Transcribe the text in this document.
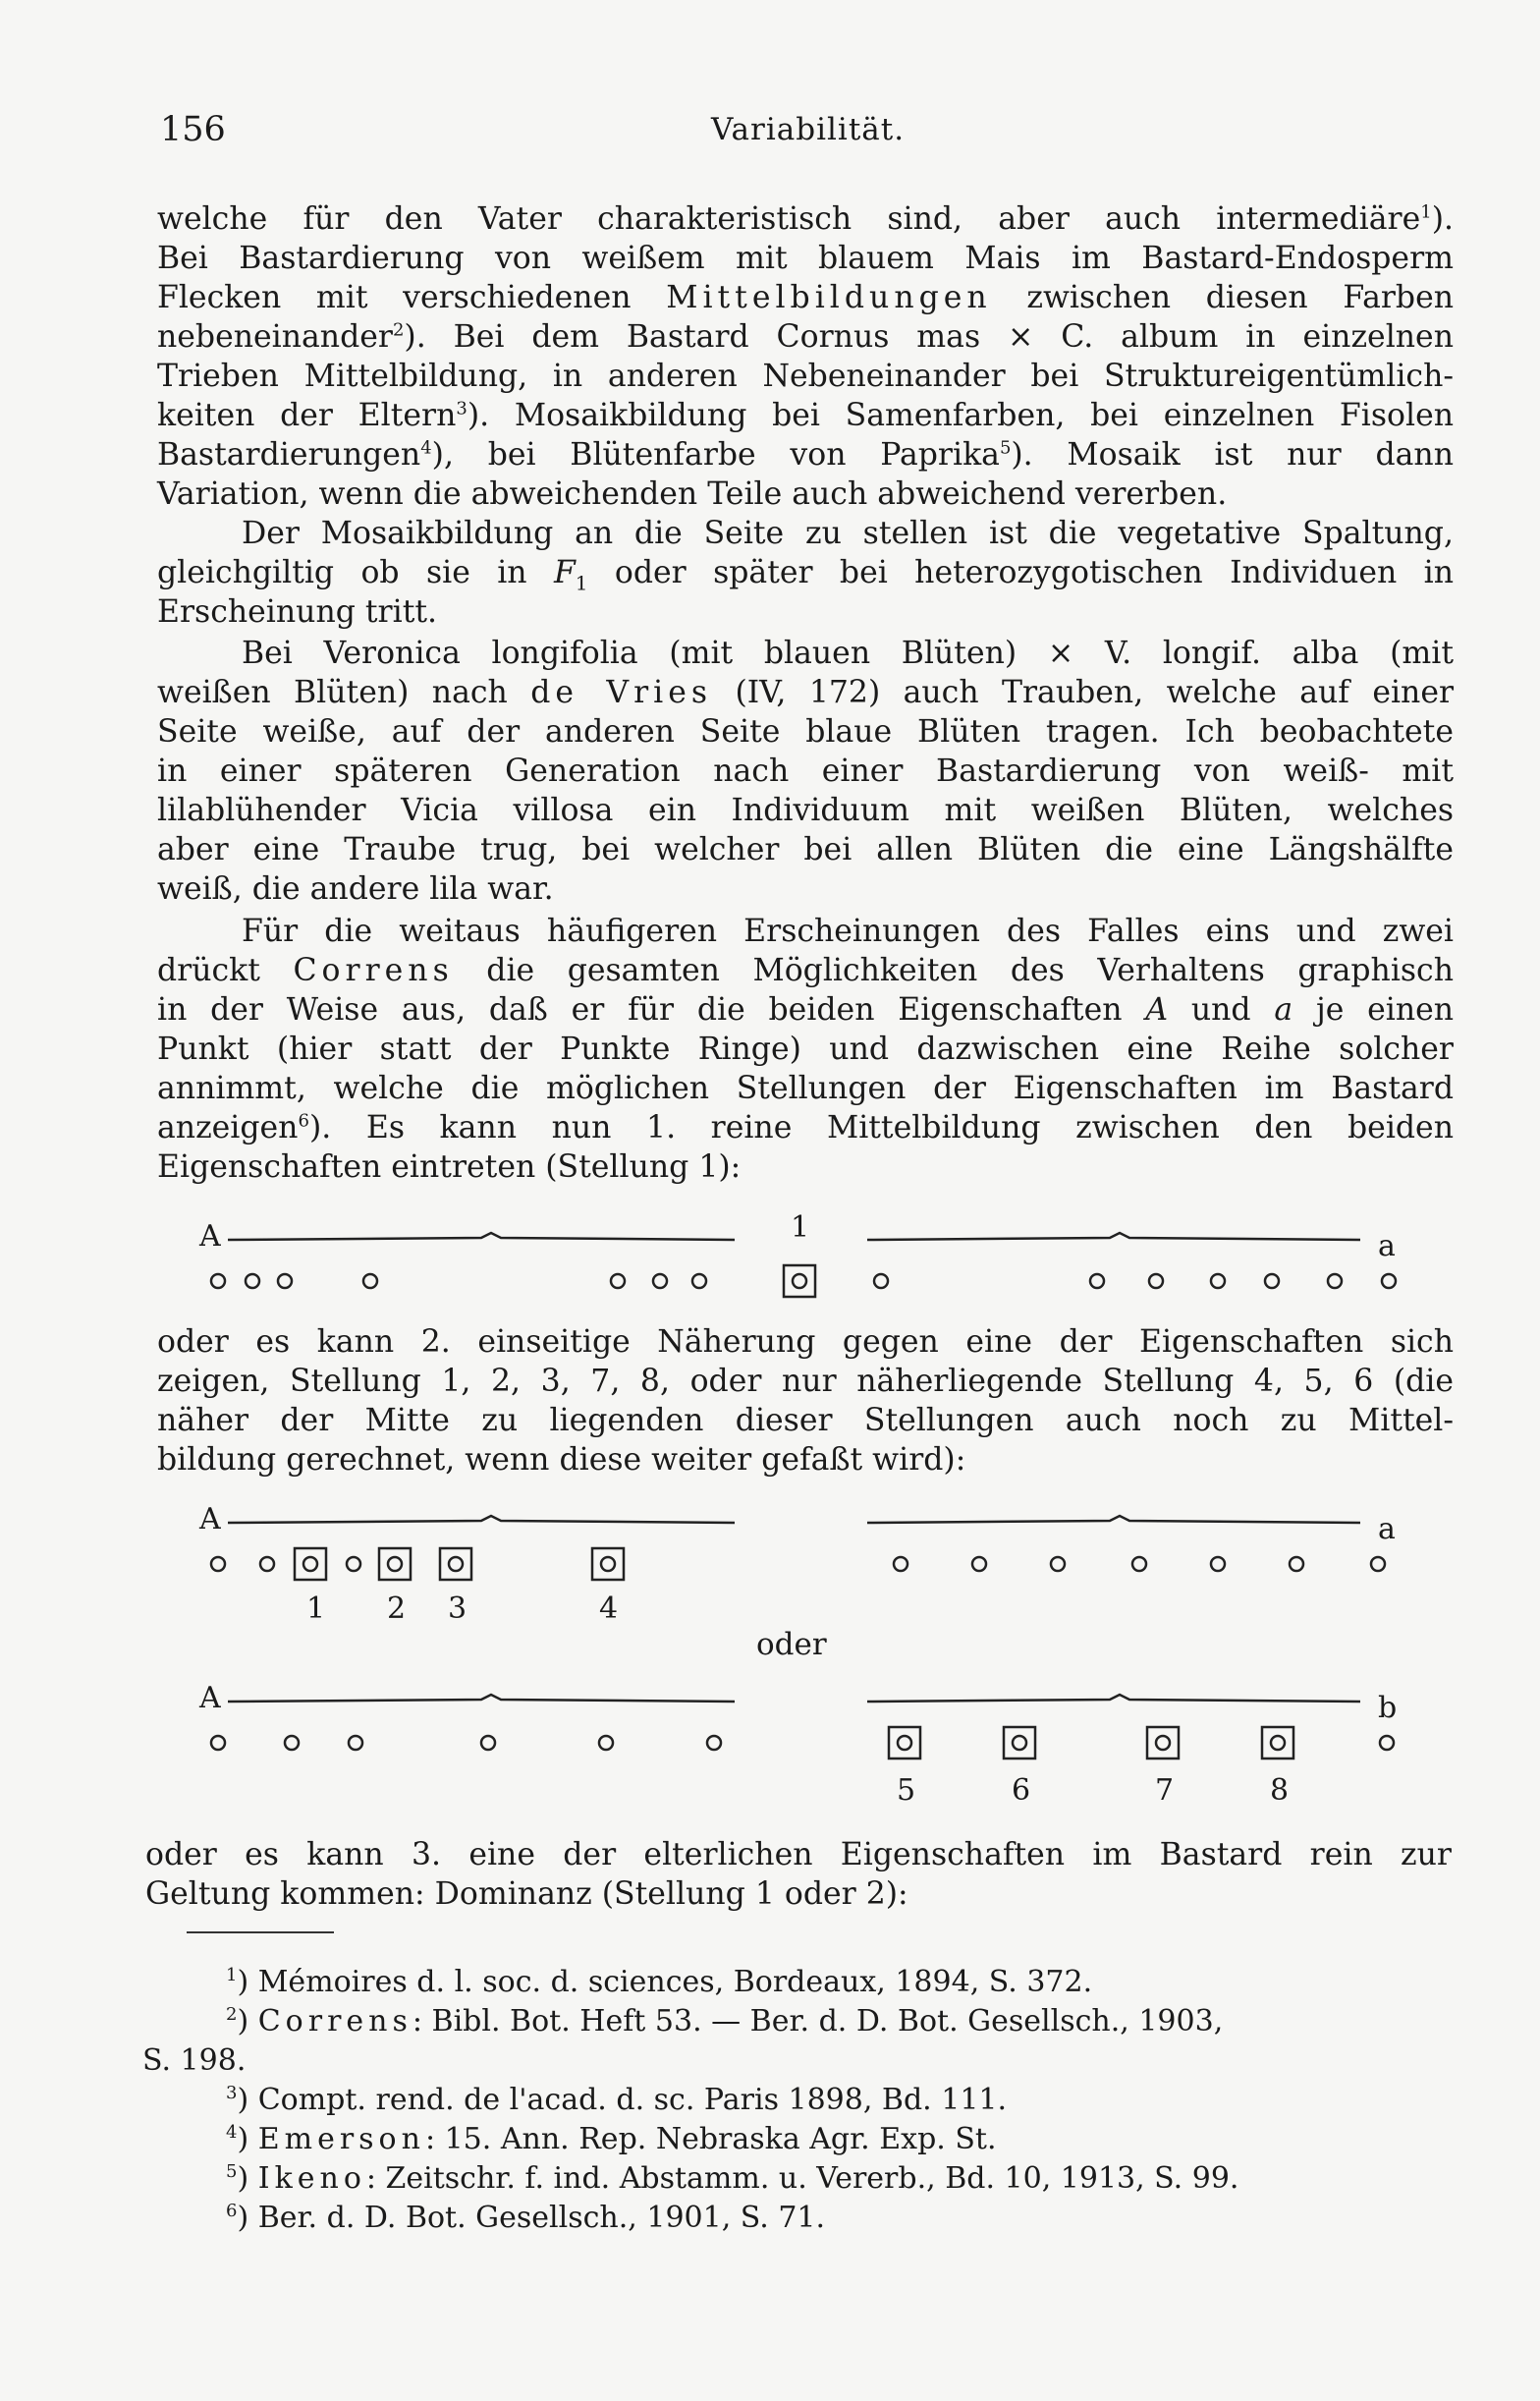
156	Variabilität.
welche für den Vater charakteristisch sind, aber auch intermediäre$^1$).
Bei Bastardierung von weißem mit blauem Mais im Bastard-Endosperm
Flecken mit verschiedenen Mittelbildungen zwischen diesen Farben
nebeneinander$^2$). Bei dem Bastard Cornus mas × C. album in einzelnen
Trieben Mittelbildung, in anderen Nebeneinander bei Struktureigentümlich-
keiten der Eltern$^3$). Mosaikbildung bei Samenfarben, bei einzelnen Fisolen
Bastardierungen$^4$), bei Blütenfarbe von Paprika$^5$). Mosaik ist nur dann
Variation, wenn die abweichenden Teile auch abweichend vererben.
Der Mosaikbildung an die Seite zu stellen ist die vegetative Spaltung,
gleichgiltig ob sie in $F_1$ oder später bei heterozygotischen Individuen in
Erscheinung tritt.
Bei Veronica longifolia (mit blauen Blüten) × V. longif. alba (mit
weißen Blüten) nach de Vries (IV, 172) auch Trauben, welche auf einer
Seite weiße, auf der anderen Seite blaue Blüten tragen. Ich beobachtete
in einer späteren Generation nach einer Bastardierung von weiß- mit
lilablühender Vicia villosa ein Individuum mit weißen Blüten, welches
aber eine Traube trug, bei welcher bei allen Blüten die eine Längshälfte
weiß, die andere lila war.
Für die weitaus häufigeren Erscheinungen des Falles eins und zwei
drückt Correns die gesamten Möglichkeiten des Verhaltens graphisch
in der Weise aus, daß er für die beiden Eigenschaften A und a je einen
Punkt (hier statt der Punkte Ringe) und dazwischen eine Reihe solcher
annimmt, welche die möglichen Stellungen der Eigenschaften im Bastard
anzeigen$^6$). Es kann nun 1. reine Mittelbildung zwischen den beiden
Eigenschaften eintreten (Stellung 1):
A	1
a
oder es kann 2. einseitige Näherung gegen eine der Eigenschaften sich
zeigen, Stellung 1, 2, 3, 7, 8, oder nur näherliegende Stellung 4, 5, 6 (die
näher der Mitte zu liegenden dieser Stellungen auch noch zu Mittel-
bildung gerechnet, wenn diese weiter gefaßt wird):
A	a
1 2 3	4
oder
A	b
5	6	7	8
oder es kann 3. eine der elterlichen Eigenschaften im Bastard rein zur
Geltung kommen: Dominanz (Stellung 1 oder 2):
$^1$) Mémoires d. l. soc. d. sciences, Bordeaux, 1894, S. 372.
$^2$) Correns: Bibl. Bot. Heft 53. — Ber. d. D. Bot. Gesellsch., 1903,
S. 198.
$^3$) Compt. rend. de l'acad. d. sc. Paris 1898, Bd. 111.
$^4$) Emerson: 15. Ann. Rep. Nebraska Agr. Exp. St.
$^5$) Ikeno: Zeitschr. f. ind. Abstamm. u. Vererb., Bd. 10, 1913, S. 99.
$^6$) Ber. d. D. Bot. Gesellsch., 1901, S. 71.
